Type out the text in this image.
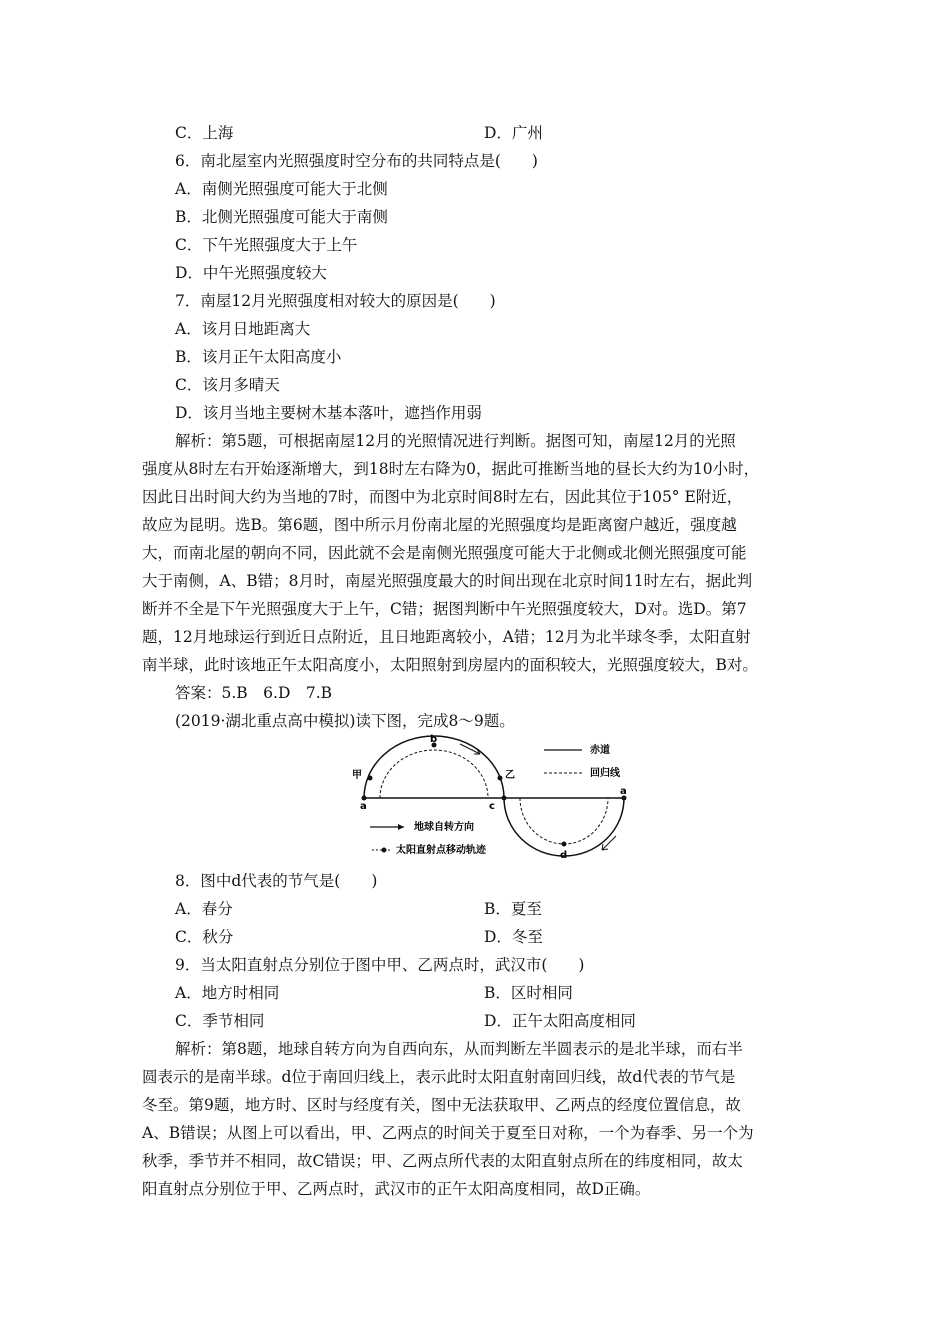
C．上海	D．广州
6．南北屋室内光照强度时空分布的共同特点是(　　)
A．南侧光照强度可能大于北侧
B．北侧光照强度可能大于南侧
C．下午光照强度大于上午
D．中午光照强度较大
7．南屋12月光照强度相对较大的原因是(　　)
A．该月日地距离大
B．该月正午太阳高度小
C．该月多晴天
D．该月当地主要树木基本落叶，遮挡作用弱
解析：第5题，可根据南屋12月的光照情况进行判断。据图可知，南屋12月的光照
强度从8时左右开始逐渐增大，到18时左右降为0，据此可推断当地的昼长大约为10小时，
因此日出时间大约为当地的7时，而图中为北京时间8时左右，因此其位于105° E附近，
故应为昆明。选B。第6题，图中所示月份南北屋的光照强度均是距离窗户越近，强度越
大，而南北屋的朝向不同，因此就不会是南侧光照强度可能大于北侧或北侧光照强度可能
大于南侧，A、B错；8月时，南屋光照强度最大的时间出现在北京时间11时左右，据此判
断并不全是下午光照强度大于上午，C错；据图判断中午光照强度较大，D对。选D。第7
题，12月地球运行到近日点附近，且日地距离较小，A错；12月为北半球冬季，太阳直射
南半球，此时该地正午太阳高度小，太阳照射到房屋内的面积较大，光照强度较大，B对。
答案：5.B　6.D　7.B
(2019·湖北重点高中模拟)读下图，完成8～9题。
甲
a
b
乙
c
d
a
赤道
回归线
地球自转方向
太阳直射点移动轨迹
8．图中d代表的节气是(　　)
A．春分	B．夏至
C．秋分	D．冬至
9．当太阳直射点分别位于图中甲、乙两点时，武汉市(　　)
A．地方时相同	B．区时相同
C．季节相同	D．正午太阳高度相同
解析：第8题，地球自转方向为自西向东，从而判断左半圆表示的是北半球，而右半
圆表示的是南半球。d位于南回归线上，表示此时太阳直射南回归线，故d代表的节气是
冬至。第9题，地方时、区时与经度有关，图中无法获取甲、乙两点的经度位置信息，故
A、B错误；从图上可以看出，甲、乙两点的时间关于夏至日对称，一个为春季、另一个为
秋季，季节并不相同，故C错误；甲、乙两点所代表的太阳直射点所在的纬度相同，故太
阳直射点分别位于甲、乙两点时，武汉市的正午太阳高度相同，故D正确。
